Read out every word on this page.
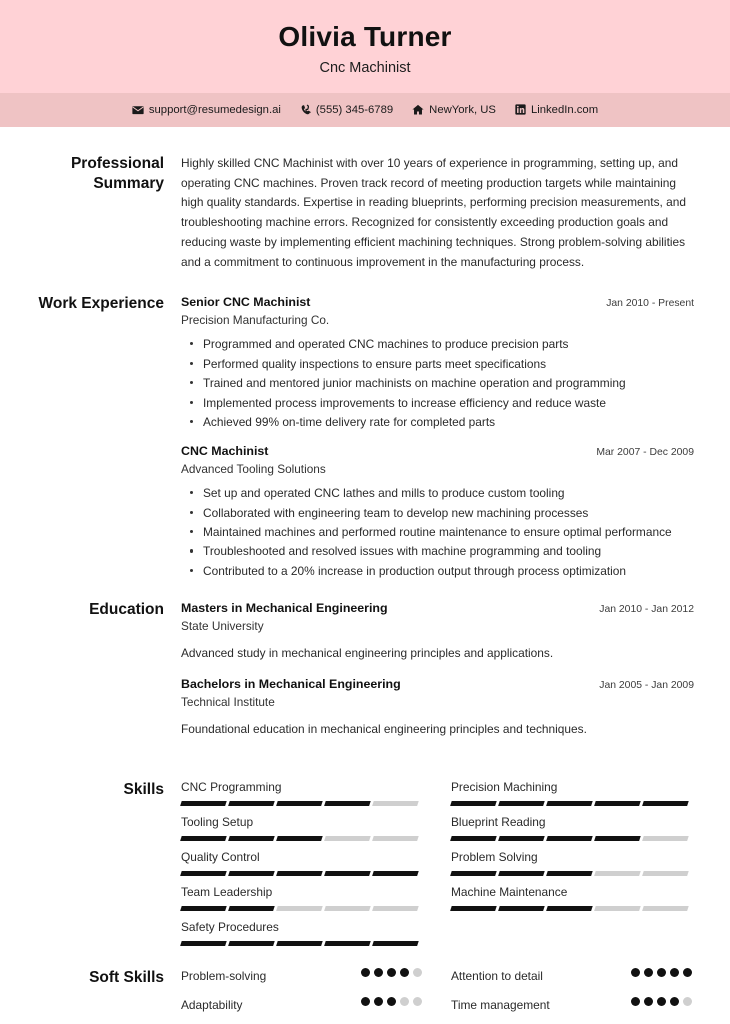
Olivia Turner
Cnc Machinist
support@resumedesign.ai	(555) 345-6789	NewYork, US	LinkedIn.com
Professional Summary
Highly skilled CNC Machinist with over 10 years of experience in programming, setting up, and operating CNC machines. Proven track record of meeting production targets while maintaining high quality standards. Expertise in reading blueprints, performing precision measurements, and troubleshooting machine errors. Recognized for consistently exceeding production goals and reducing waste by implementing efficient machining techniques. Strong problem-solving abilities and a commitment to continuous improvement in the manufacturing process.
Work Experience Senior CNC Machinist	Jan 2010 - Present
Precision Manufacturing Co.
Programmed and operated CNC machines to produce precision parts
Performed quality inspections to ensure parts meet specifications
Trained and mentored junior machinists on machine operation and programming
Implemented process improvements to increase efficiency and reduce waste
Achieved 99% on-time delivery rate for completed parts
CNC Machinist	Mar 2007 - Dec 2009
Advanced Tooling Solutions
Set up and operated CNC lathes and mills to produce custom tooling
Collaborated with engineering team to develop new machining processes
Maintained machines and performed routine maintenance to ensure optimal performance
Troubleshooted and resolved issues with machine programming and tooling
Contributed to a 20% increase in production output through process optimization
Education Masters in Mechanical Engineering	Jan 2010 - Jan 2012
State University
Advanced study in mechanical engineering principles and applications.
Bachelors in Mechanical Engineering	Jan 2005 - Jan 2009
Technical Institute
Foundational education in mechanical engineering principles and techniques.
Skills CNC Programming	Precision Machining
Tooling Setup	Blueprint Reading
Quality Control	Problem Solving
Team Leadership	Machine Maintenance
Safety Procedures
Soft Skills Problem-solving	Attention to detail
Adaptability	Time management
